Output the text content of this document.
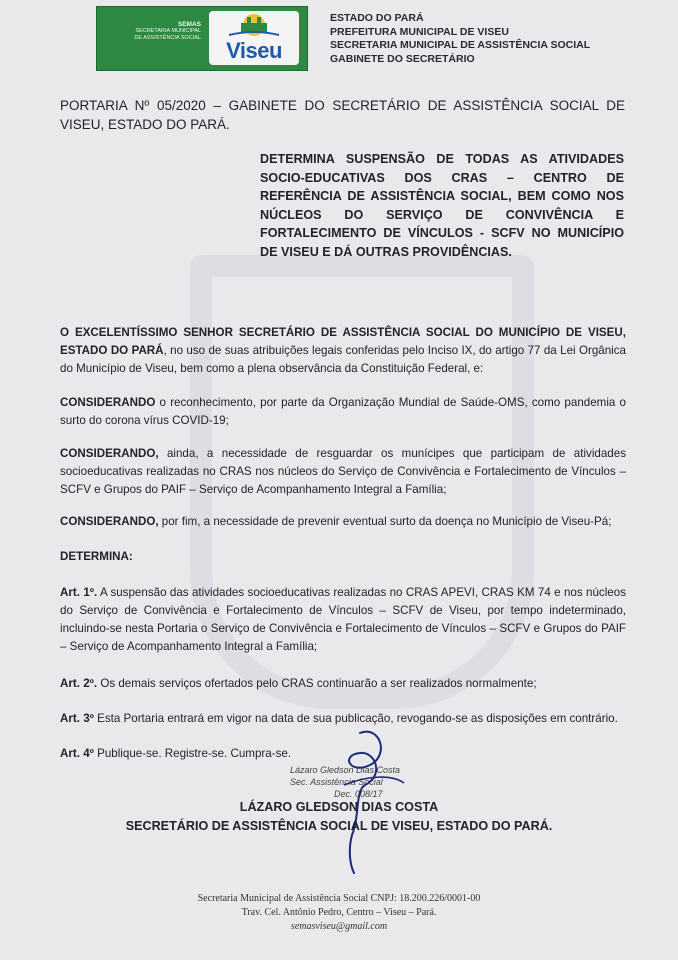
SEMAS
SECRETARIA MUNICIPAL
DE ASSISTÊNCIA SOCIAL	Viseu
ESTADO DO PARÁ
PREFEITURA MUNICIPAL DE VISEU
SECRETARIA MUNICIPAL DE ASSISTÊNCIA SOCIAL
GABINETE DO SECRETÁRIO
PORTARIA Nº 05/2020 – GABINETE DO SECRETÁRIO DE ASSISTÊNCIA SOCIAL DE VISEU, ESTADO DO PARÁ.
DETERMINA SUSPENSÃO DE TODAS AS ATIVIDADES SOCIO-EDUCATIVAS DOS CRAS – CENTRO DE REFERÊNCIA DE ASSISTÊNCIA SOCIAL, BEM COMO NOS NÚCLEOS DO SERVIÇO DE CONVIVÊNCIA E FORTALECIMENTO DE VÍNCULOS - SCFV NO MUNICÍPIO DE VISEU E DÁ OUTRAS PROVIDÊNCIAS.
O EXCELENTÍSSIMO SENHOR SECRETÁRIO DE ASSISTÊNCIA SOCIAL DO MUNICÍPIO DE VISEU, ESTADO DO PARÁ, no uso de suas atribuições legais conferidas pelo Inciso IX, do artigo 77 da Lei Orgânica do Município de Viseu, bem como a plena observância da Constituição Federal, e:
CONSIDERANDO o reconhecimento, por parte da Organização Mundial de Saúde-OMS, como pandemia o surto do corona vírus COVID-19;
CONSIDERANDO, ainda, a necessidade de resguardar os munícipes que participam de atividades socioeducativas realizadas no CRAS nos núcleos do Serviço de Convivência e Fortalecimento de Vínculos – SCFV e Grupos do PAIF – Serviço de Acompanhamento Integral a Família;
CONSIDERANDO, por fim, a necessidade de prevenir eventual surto da doença no Município de Viseu-Pá;
DETERMINA:
Art. 1º. A suspensão das atividades socioeducativas realizadas no CRAS APEVI, CRAS KM 74 e nos núcleos do Serviço de Convivência e Fortalecimento de Vínculos – SCFV de Viseu, por tempo indeterminado, incluindo-se nesta Portaria o Serviço de Convivência e Fortalecimento de Vínculos – SCFV e Grupos do PAIF – Serviço de Acompanhamento Integral a Família;
Art. 2º. Os demais serviços ofertados pelo CRAS continuarão a ser realizados normalmente;
Art. 3º Esta Portaria entrará em vigor na data de sua publicação, revogando-se as disposições em contrário.
Art. 4º Publique-se. Registre-se. Cumpra-se.
Lázaro Gledson Dias Costa
Sec. Assistência Social
Dec. 008/17
LÁZARO GLEDSON DIAS COSTA
SECRETÁRIO DE ASSISTÊNCIA SOCIAL DE VISEU, ESTADO DO PARÁ.
Secretaria Municipal de Assistência Social CNPJ: 18.200.226/0001-00
Trav. Cel. Antônio Pedro, Centro – Viseu – Pará.
semasviseu@gmail.com
